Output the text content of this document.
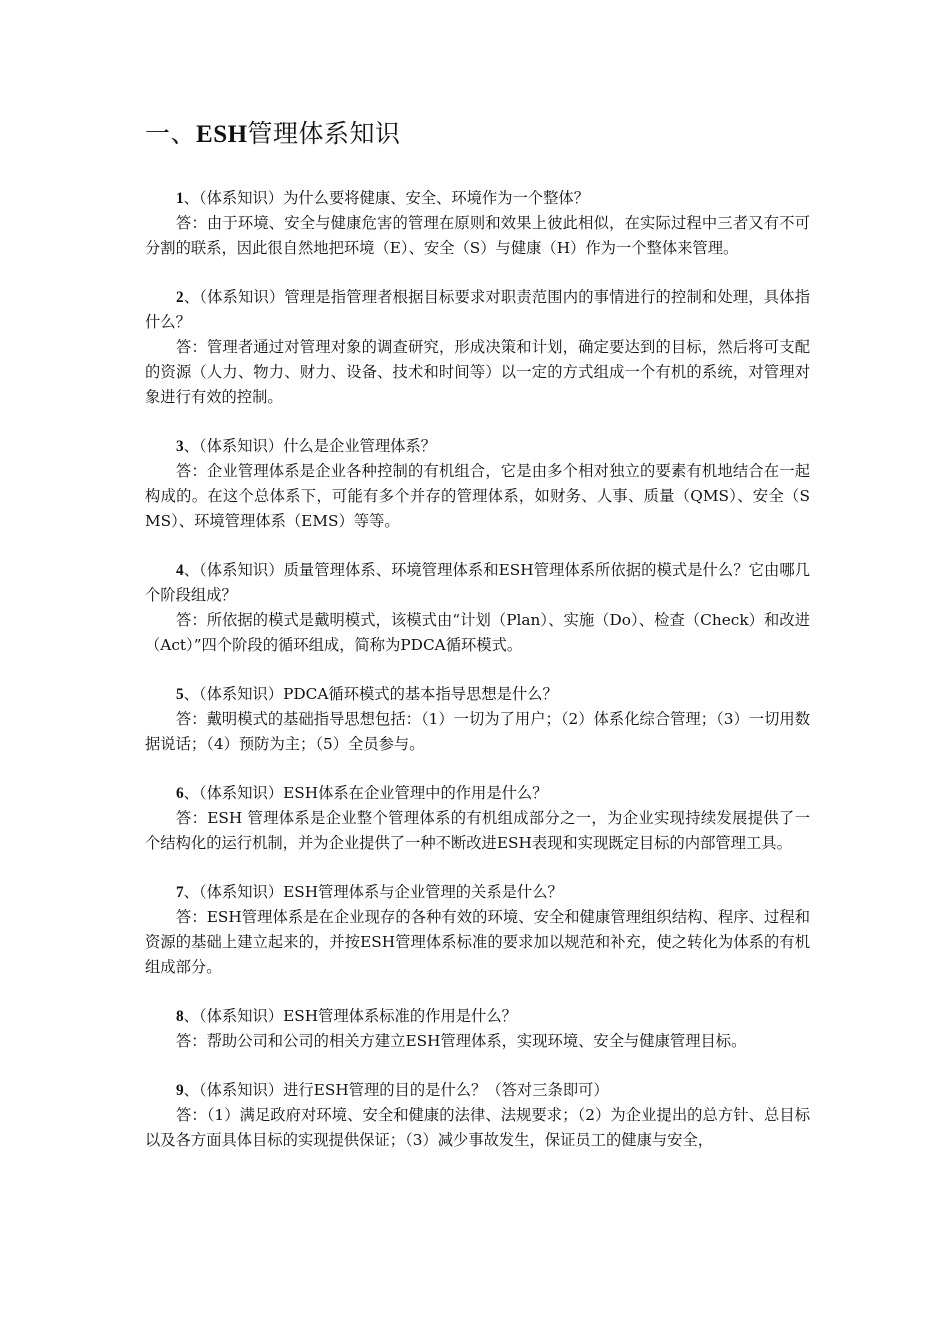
一、ESH管理体系知识

1、（体系知识）为什么要将健康、安全、环境作为一个整体？

答：由于环境、安全与健康危害的管理在原则和效果上彼此相似，在实际过程中三者又有不可分割的联系，因此很自然地把环境（E）、安全（S）与健康（H）作为一个整体来管理。

2、（体系知识）管理是指管理者根据目标要求对职责范围内的事情进行的控制和处理，具体指什么？

答：管理者通过对管理对象的调查研究，形成决策和计划，确定要达到的目标，然后将可支配的资源（人力、物力、财力、设备、技术和时间等）以一定的方式组成一个有机的系统，对管理对象进行有效的控制。

3、（体系知识）什么是企业管理体系？

答：企业管理体系是企业各种控制的有机组合，它是由多个相对独立的要素有机地结合在一起构成的。在这个总体系下，可能有多个并存的管理体系，如财务、人事、质量（QMS）、安全（SMS）、环境管理体系（EMS）等等。

4、（体系知识）质量管理体系、环境管理体系和ESH管理体系所依据的模式是什么？它由哪几个阶段组成？

答：所依据的模式是戴明模式，该模式由“计划（Plan）、实施（Do）、检查（Check）和改进（Act）”四个阶段的循环组成，简称为PDCA循环模式。

5、（体系知识）PDCA循环模式的基本指导思想是什么？

答：戴明模式的基础指导思想包括：（1）一切为了用户；（2）体系化综合管理；（3）一切用数据说话；（4）预防为主；（5）全员参与。

6、（体系知识）ESH体系在企业管理中的作用是什么？

答：ESH 管理体系是企业整个管理体系的有机组成部分之一，为企业实现持续发展提供了一个结构化的运行机制，并为企业提供了一种不断改进ESH表现和实现既定目标的内部管理工具。

7、（体系知识）ESH管理体系与企业管理的关系是什么？

答：ESH管理体系是在企业现存的各种有效的环境、安全和健康管理组织结构、程序、过程和资源的基础上建立起来的，并按ESH管理体系标准的要求加以规范和补充，使之转化为体系的有机组成部分。

8、（体系知识）ESH管理体系标准的作用是什么？

答：帮助公司和公司的相关方建立ESH管理体系，实现环境、安全与健康管理目标。

9、（体系知识）进行ESH管理的目的是什么？（答对三条即可）

答：（1）满足政府对环境、安全和健康的法律、法规要求；（2）为企业提出的总方针、总目标以及各方面具体目标的实现提供保证；（3）减少事故发生，保证员工的健康与安全，
